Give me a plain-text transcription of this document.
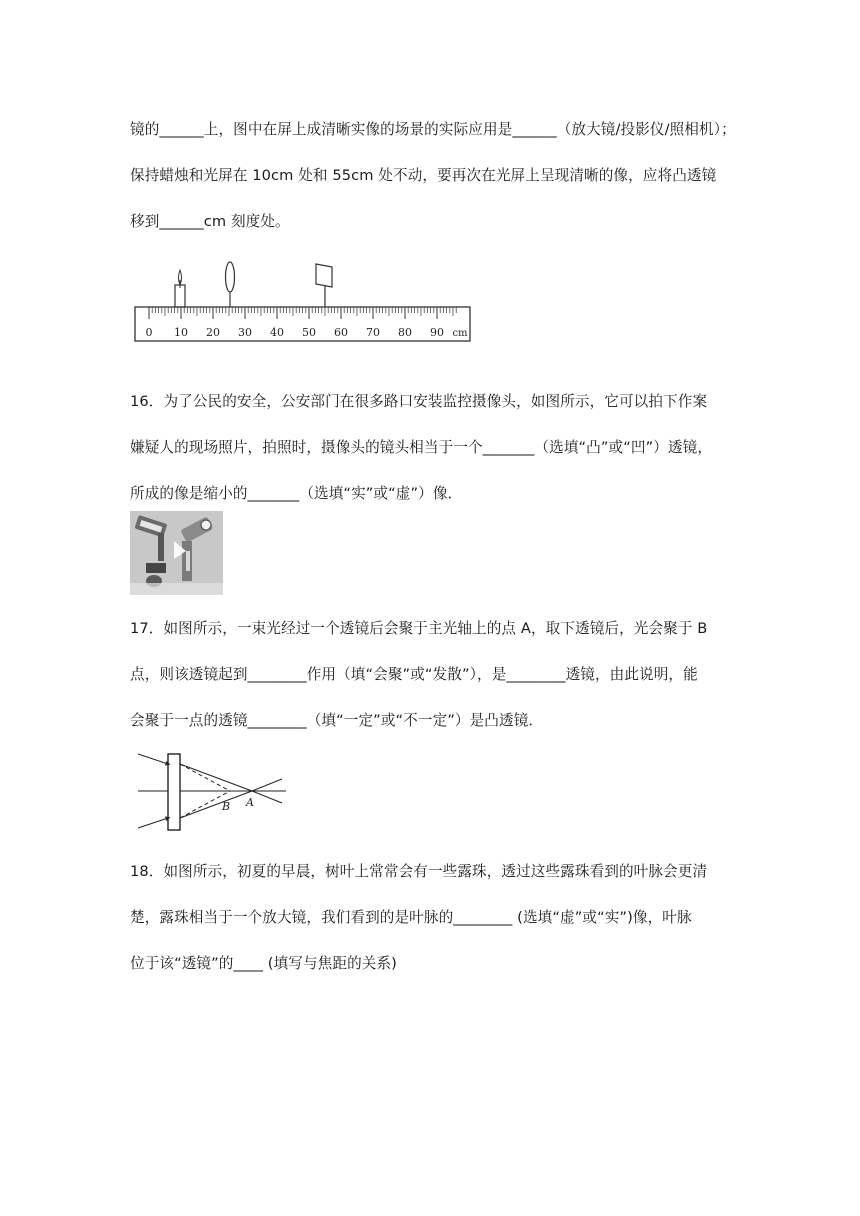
镜的______上，图中在屏上成清晰实像的场景的实际应用是______（放大镜/投影仪/照相机）；
保持蜡烛和光屏在 10cm 处和 55cm 处不动，要再次在光屏上呈现清晰的像，应将凸透镜
移到______cm 刻度处。
0 10 20 30 40 50 60 70 80 90 cm
16．为了公民的安全，公安部门在很多路口安装监控摄像头，如图所示，它可以拍下作案
嫌疑人的现场照片，拍照时，摄像头的镜头相当于一个_______（选填“凸”或“凹”）透镜，
所成的像是缩小的_______（选填“实”或“虚”）像．
17．如图所示，一束光经过一个透镜后会聚于主光轴上的点 A，取下透镜后，光会聚于 B
点，则该透镜起到________作用（填“会聚”或“发散”），是________透镜，由此说明，能
会聚于一点的透镜________（填“一定”或“不一定”）是凸透镜．
B A
18．如图所示，初夏的早晨，树叶上常常会有一些露珠，透过这些露珠看到的叶脉会更清
楚，露珠相当于一个放大镜，我们看到的是叶脉的________ (选填“虚”或“实”)像，叶脉
位于该“透镜”的____ (填写与焦距的关系)
